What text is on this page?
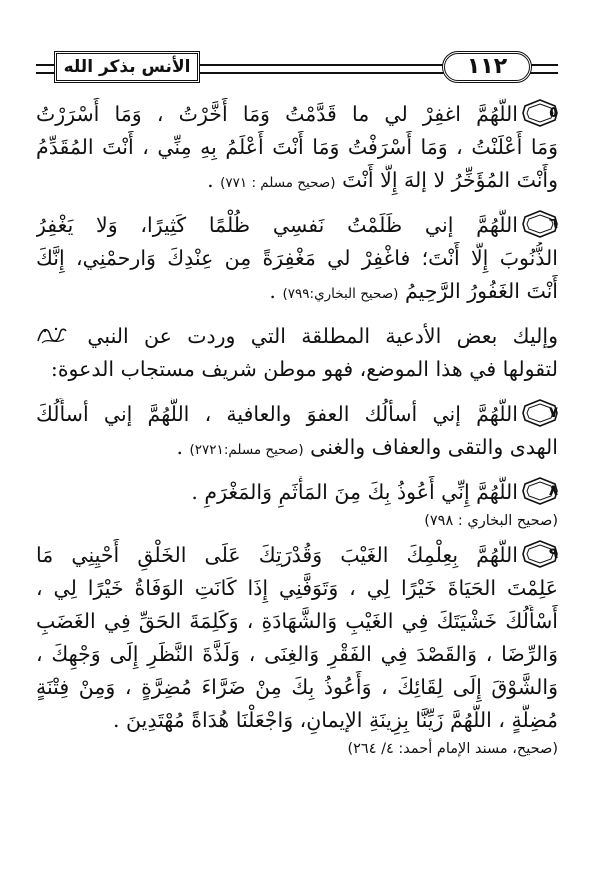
الأنس بذكر الله	١١٢
٥
اللَّهُمَّ اغفِرْ لي ما قَدَّمْتُ وَمَا أَخَّرْتُ ، وَمَا أَسْرَرْتُ
وَمَا أَعْلَنْتُ ، وَمَا أَسْرَفْتُ وَمَا أَنْتَ أَعْلَمُ بِهِ مِنِّي ، أَنْتَ المُقَدِّمُ
وأَنْتَ المُؤَخِّرُ لا إلهَ إِلَّا أَنْتَ (صحيح مسلم : ٧٧١) .
٦
اللَّهُمَّ إني ظَلَمْتُ نَفسِي ظُلْمًا كَثِيرًا، وَلا يَغْفِرُ
الذُّنُوبَ إِلَّا أَنْتَ؛ فاغْفِرْ لي مَغْفِرَةً مِن عِنْدِكَ وَارحمْنِي، إِنَّكَ
أَنْتَ الغَفُورُ الرَّحِيمُ (صحيح البخاري:٧٩٩) .
وإليك بعض الأدعية المطلقة التي وردت عن النبي
لتقولها في هذا الموضع، فهو موطن شريف مستجاب الدعوة:
٧
اللَّهُمَّ إني أسألُك العفوَ والعافية ، اللَّهُمَّ إني أسأَلُكَ
الهدى والتقى والعفاف والغنى (صحيح مسلم:٢٧٢١) .
٨
اللَّهُمَّ إِنِّي أَعُوذُ بِكَ مِنَ المَأْثَمِ وَالمَغْرَمِ .
(صحيح البخاري : ٧٩٨)
٩
اللَّهُمَّ بِعِلْمِكَ الغَيْبَ وَقُدْرَتِكَ عَلَى الخَلْقِ أَحْيِنِي مَا
عَلِمْتَ الحَيَاةَ خَيْرًا لِي ، وَتَوَفَّنِي إِذَا كَانَتِ الوَفَاةُ خَيْرًا لِي ،
أَسْأَلُكَ خَشْيَتَكَ فِي الغَيْبِ وَالشَّهَادَةِ ، وَكَلِمَةَ الحَقِّ فِي الغَضَبِ
وَالرِّضَا ، وَالقَصْدَ فِي الفَقْرِ وَالغِنَى ، وَلَذَّةَ النَّظَرِ إِلَى وَجْهِكَ ،
وَالشَّوْقَ إِلَى لِقَائِكَ ، وَأَعُوذُ بِكَ مِنْ ضَرَّاءَ مُضِرَّةٍ ، وَمِنْ فِتْنَةٍ
مُضِلَّةٍ ، اللَّهُمَّ زَيِّنَّا بِزِينَةِ الإيمانِ، وَاجْعَلْنَا هُدَاةً مُهْتَدِينَ .
(صحيح، مسند الإمام أحمد: ٤/ ٢٦٤)
